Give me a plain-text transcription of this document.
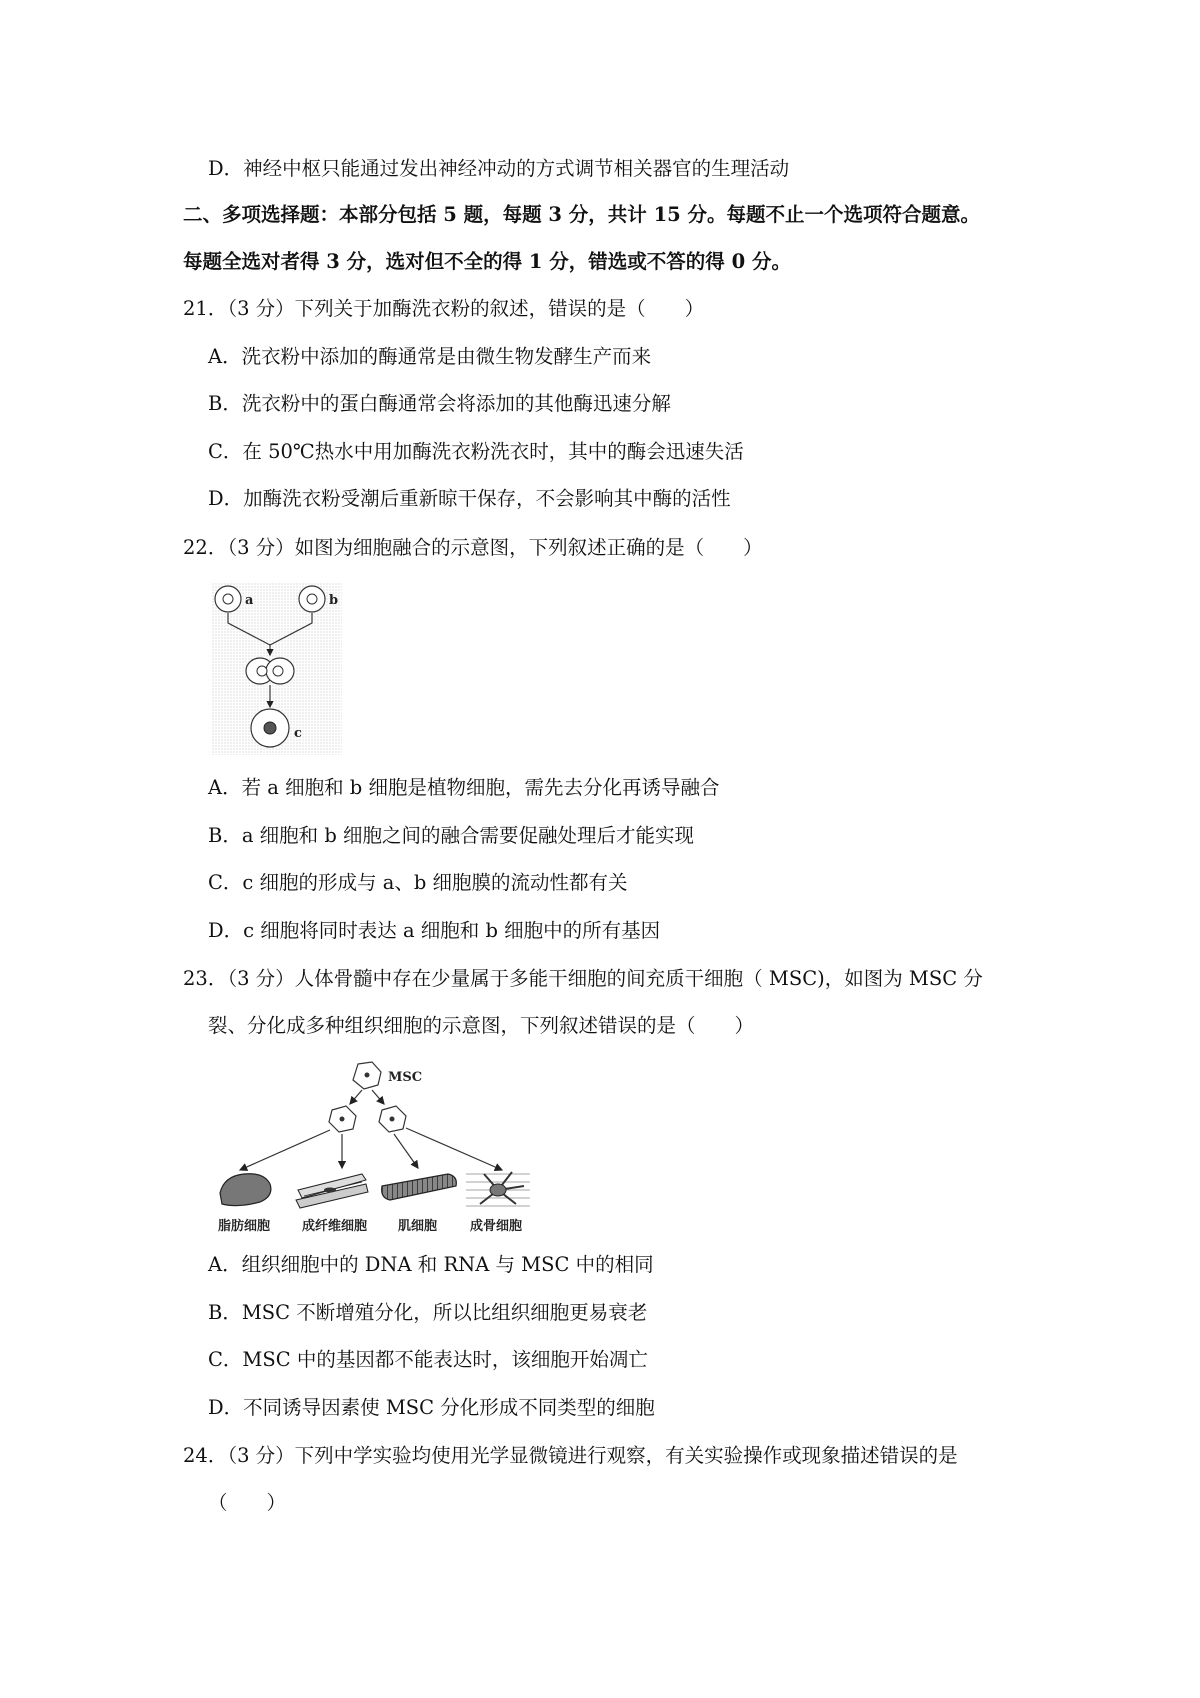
D．神经中枢只能通过发出神经冲动的方式调节相关器官的生理活动
二、多项选择题：本部分包括 5 题，每题 3 分，共计 15 分。每题不止一个选项符合题意。
每题全选对者得 3 分，选对但不全的得 1 分，错选或不答的得 0 分。
21．（3 分）下列关于加酶洗衣粉的叙述，错误的是（　　）
A．洗衣粉中添加的酶通常是由微生物发酵生产而来
B．洗衣粉中的蛋白酶通常会将添加的其他酶迅速分解
C．在 50℃热水中用加酶洗衣粉洗衣时，其中的酶会迅速失活
D．加酶洗衣粉受潮后重新晾干保存，不会影响其中酶的活性
22．（3 分）如图为细胞融合的示意图，下列叙述正确的是（　　）
a	b
c
A．若 a 细胞和 b 细胞是植物细胞，需先去分化再诱导融合
B．a 细胞和 b 细胞之间的融合需要促融处理后才能实现
C．c 细胞的形成与 a、b 细胞膜的流动性都有关
D．c 细胞将同时表达 a 细胞和 b 细胞中的所有基因
23．（3 分）人体骨髓中存在少量属于多能干细胞的间充质干细胞（ MSC)，如图为 MSC 分
裂、分化成多种组织细胞的示意图，下列叙述错误的是（　　）
MSC
脂肪细胞 成纤维细胞 肌细胞	成骨细胞
A．组织细胞中的 DNA 和 RNA 与 MSC 中的相同
B．MSC 不断增殖分化，所以比组织细胞更易衰老
C．MSC 中的基因都不能表达时，该细胞开始凋亡
D．不同诱导因素使 MSC 分化形成不同类型的细胞
24．（3 分）下列中学实验均使用光学显微镜进行观察，有关实验操作或现象描述错误的是
（　　）
